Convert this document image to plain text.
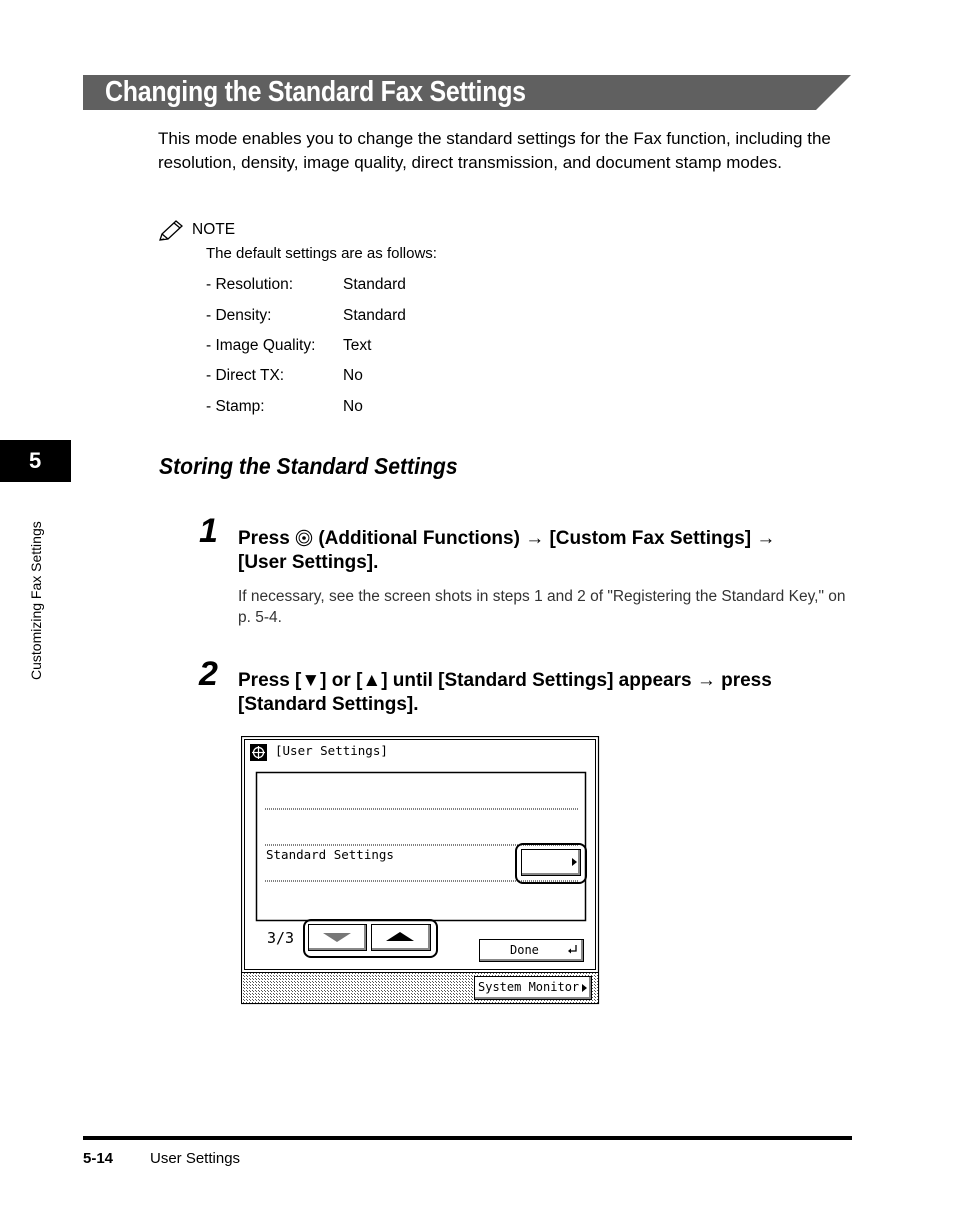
Changing the Standard Fax Settings
This mode enables you to change the standard settings for the Fax function, including the resolution, density, image quality, direct transmission, and document stamp modes.
NOTE
The default settings are as follows:
- Resolution:	Standard
- Density:	Standard
- Image Quality: Text
- Direct TX:	No
- Stamp:	No
5
Customizing Fax Settings
Storing the Standard Settings
1 Press (Additional Functions) → [Custom Fax Settings] →
[User Settings].
If necessary, see the screen shots in steps 1 and 2 of "Registering the Standard Key," on p. 5-4.
2 Press [▼] or [▲] until [Standard Settings] appears → press
[Standard Settings].
[User Settings]
Standard Settings
3/3
Done
System Monitor
5-14 User Settings
